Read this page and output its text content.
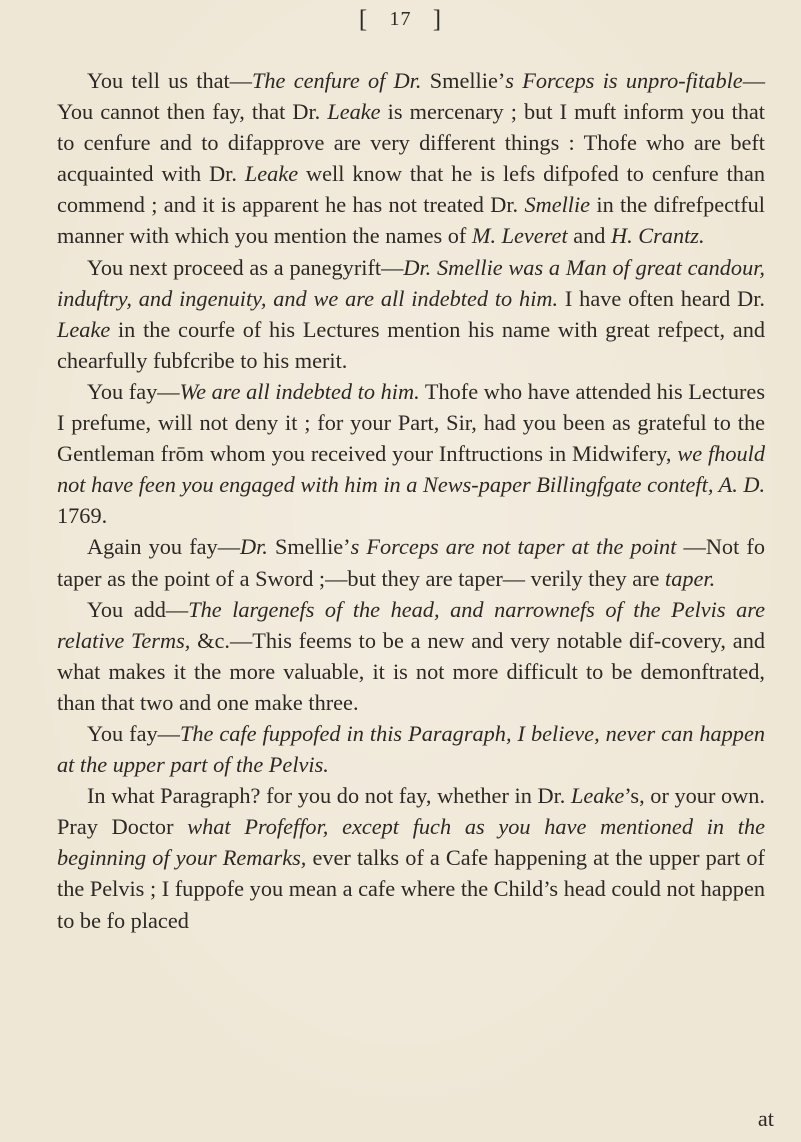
[ 17 ]

You tell us that—The cenfure of Dr. Smellie’s Forceps is unpro-fitable—You cannot then fay, that Dr. Leake is mercenary ; but I muft inform you that to cenfure and to difapprove are very different things : Thofe who are beft acquainted with Dr. Leake well know that he is lefs difpofed to cenfure than commend ; and it is apparent he has not treated Dr. Smellie in the difrefpectful manner with which you mention the names of M. Leveret and H. Crantz.

You next proceed as a panegyrift—Dr. Smellie was a Man of great candour, induftry, and ingenuity, and we are all indebted to him. I have often heard Dr. Leake in the courfe of his Lectures mention his name with great refpect, and chearfully fubfcribe to his merit.

You fay—We are all indebted to him. Thofe who have attended his Lectures I prefume, will not deny it ; for your Part, Sir, had you been as grateful to the Gentleman frōm whom you received your Inftructions in Midwifery, we fhould not have feen you engaged with him in a News-paper Billingfgate conteft, A. D. 1769.

Again you fay—Dr. Smellie’s Forceps are not taper at the point —Not fo taper as the point of a Sword ;—but they are taper— verily they are taper.

You add—The largenefs of the head, and narrownefs of the Pelvis are relative Terms, &c.—This feems to be a new and very notable dif-covery, and what makes it the more valuable, it is not more difficult to be demonftrated, than that two and one make three.

You fay—The cafe fuppofed in this Paragraph, I believe, never can happen at the upper part of the Pelvis.

In what Paragraph? for you do not fay, whether in Dr. Leake’s, or your own. Pray Doctor what Profeffor, except fuch as you have mentioned in the beginning of your Remarks, ever talks of a Cafe happening at the upper part of the Pelvis ; I fuppofe you mean a cafe where the Child’s head could not happen to be fo placed

at
